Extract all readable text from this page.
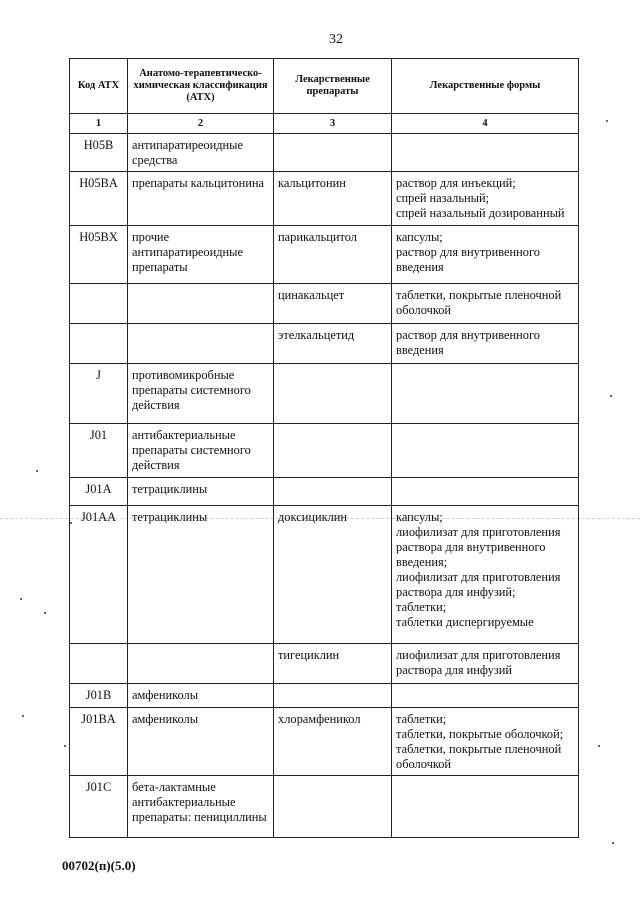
32
Код АТХ	Анатомо-терапевтическо-химическая классификация (АТХ)	Лекарственные препараты	Лекарственные формы
1	2	3	4
H05B	антипаратиреоидные средства		
H05BA	препараты кальцитонина	кальцитонин	раствор для инъекций;
спрей назальный;
спрей назальный дозированный
H05BX	прочие антипаратиреоидные препараты	парикальцитол	капсулы;
раствор для внутривенного введения
		цинакальцет	таблетки, покрытые пленочной оболочкой
		этелкальцетид	раствор для внутривенного введения
J	противомикробные препараты системного действия		
J01	антибактериальные препараты системного действия		
J01A	тетрациклины		
J01AA	тетрациклины	доксициклин	капсулы;
лиофилизат для приготовления раствора для внутривенного введения;
лиофилизат для приготовления раствора для инфузий;
таблетки;
таблетки диспергируемые
		тигециклин	лиофилизат для приготовления раствора для инфузий
J01B	амфениколы		
J01BA	амфениколы	хлорамфеникол	таблетки;
таблетки, покрытые оболочкой;
таблетки, покрытые пленочной оболочкой
J01C	бета-лактамные антибактериальные препараты: пенициллины		
00702(п)(5.0)
